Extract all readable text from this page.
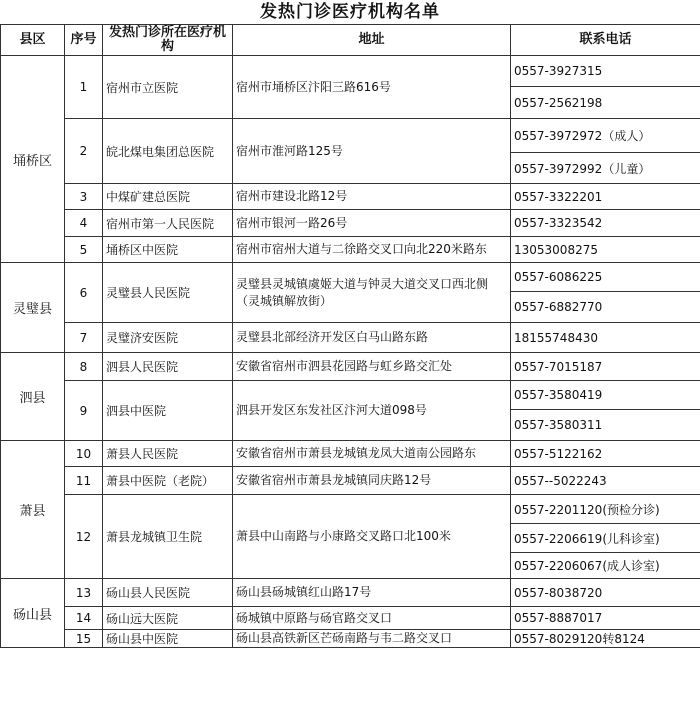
发热门诊医疗机构名单
县区	序号	发热门诊所在医疗机构	地址	联系电话
埇桥区	1	宿州市立医院	宿州市埇桥区汴阳三路616号	0557-3927315
				0557-2562198
	2	皖北煤电集团总医院	宿州市淮河路125号	0557-3972972（成人）
				0557-3972992（儿童）
	3	中煤矿建总医院	宿州市建设北路12号	0557-3322201
	4	宿州市第一人民医院	宿州市银河一路26号	0557-3323542
	5	埇桥区中医院	宿州市宿州大道与二徐路交叉口向北220米路东	13053008275
灵璧县	6	灵璧县人民医院	灵璧县灵城镇虞姬大道与钟灵大道交叉口西北侧（灵城镇解放街）	0557-6086225
				0557-6882770
	7	灵璧济安医院	灵璧县北部经济开发区白马山路东路	18155748430
泗县	8	泗县人民医院	安徽省宿州市泗县花园路与虹乡路交汇处	0557-7015187
	9	泗县中医院	泗县开发区东发社区汴河大道098号	0557-3580419
				0557-3580311
萧县	10	萧县人民医院	安徽省宿州市萧县龙城镇龙凤大道南公园路东	0557-5122162
	11	萧县中医院（老院）	安徽省宿州市萧县龙城镇同庆路12号	0557--5022243
	12	萧县龙城镇卫生院	萧县中山南路与小康路交叉路口北100米	0557-2201120(预检分诊)
				0557-2206619(儿科诊室)
				0557-2206067(成人诊室)
砀山县	13	砀山县人民医院	砀山县砀城镇红山路17号	0557-8038720
	14	砀山远大医院	砀城镇中原路与砀官路交叉口	0557-8887017
	15	砀山县中医院	砀山县高铁新区芒砀南路与韦二路交叉口	0557-8029120转8124
